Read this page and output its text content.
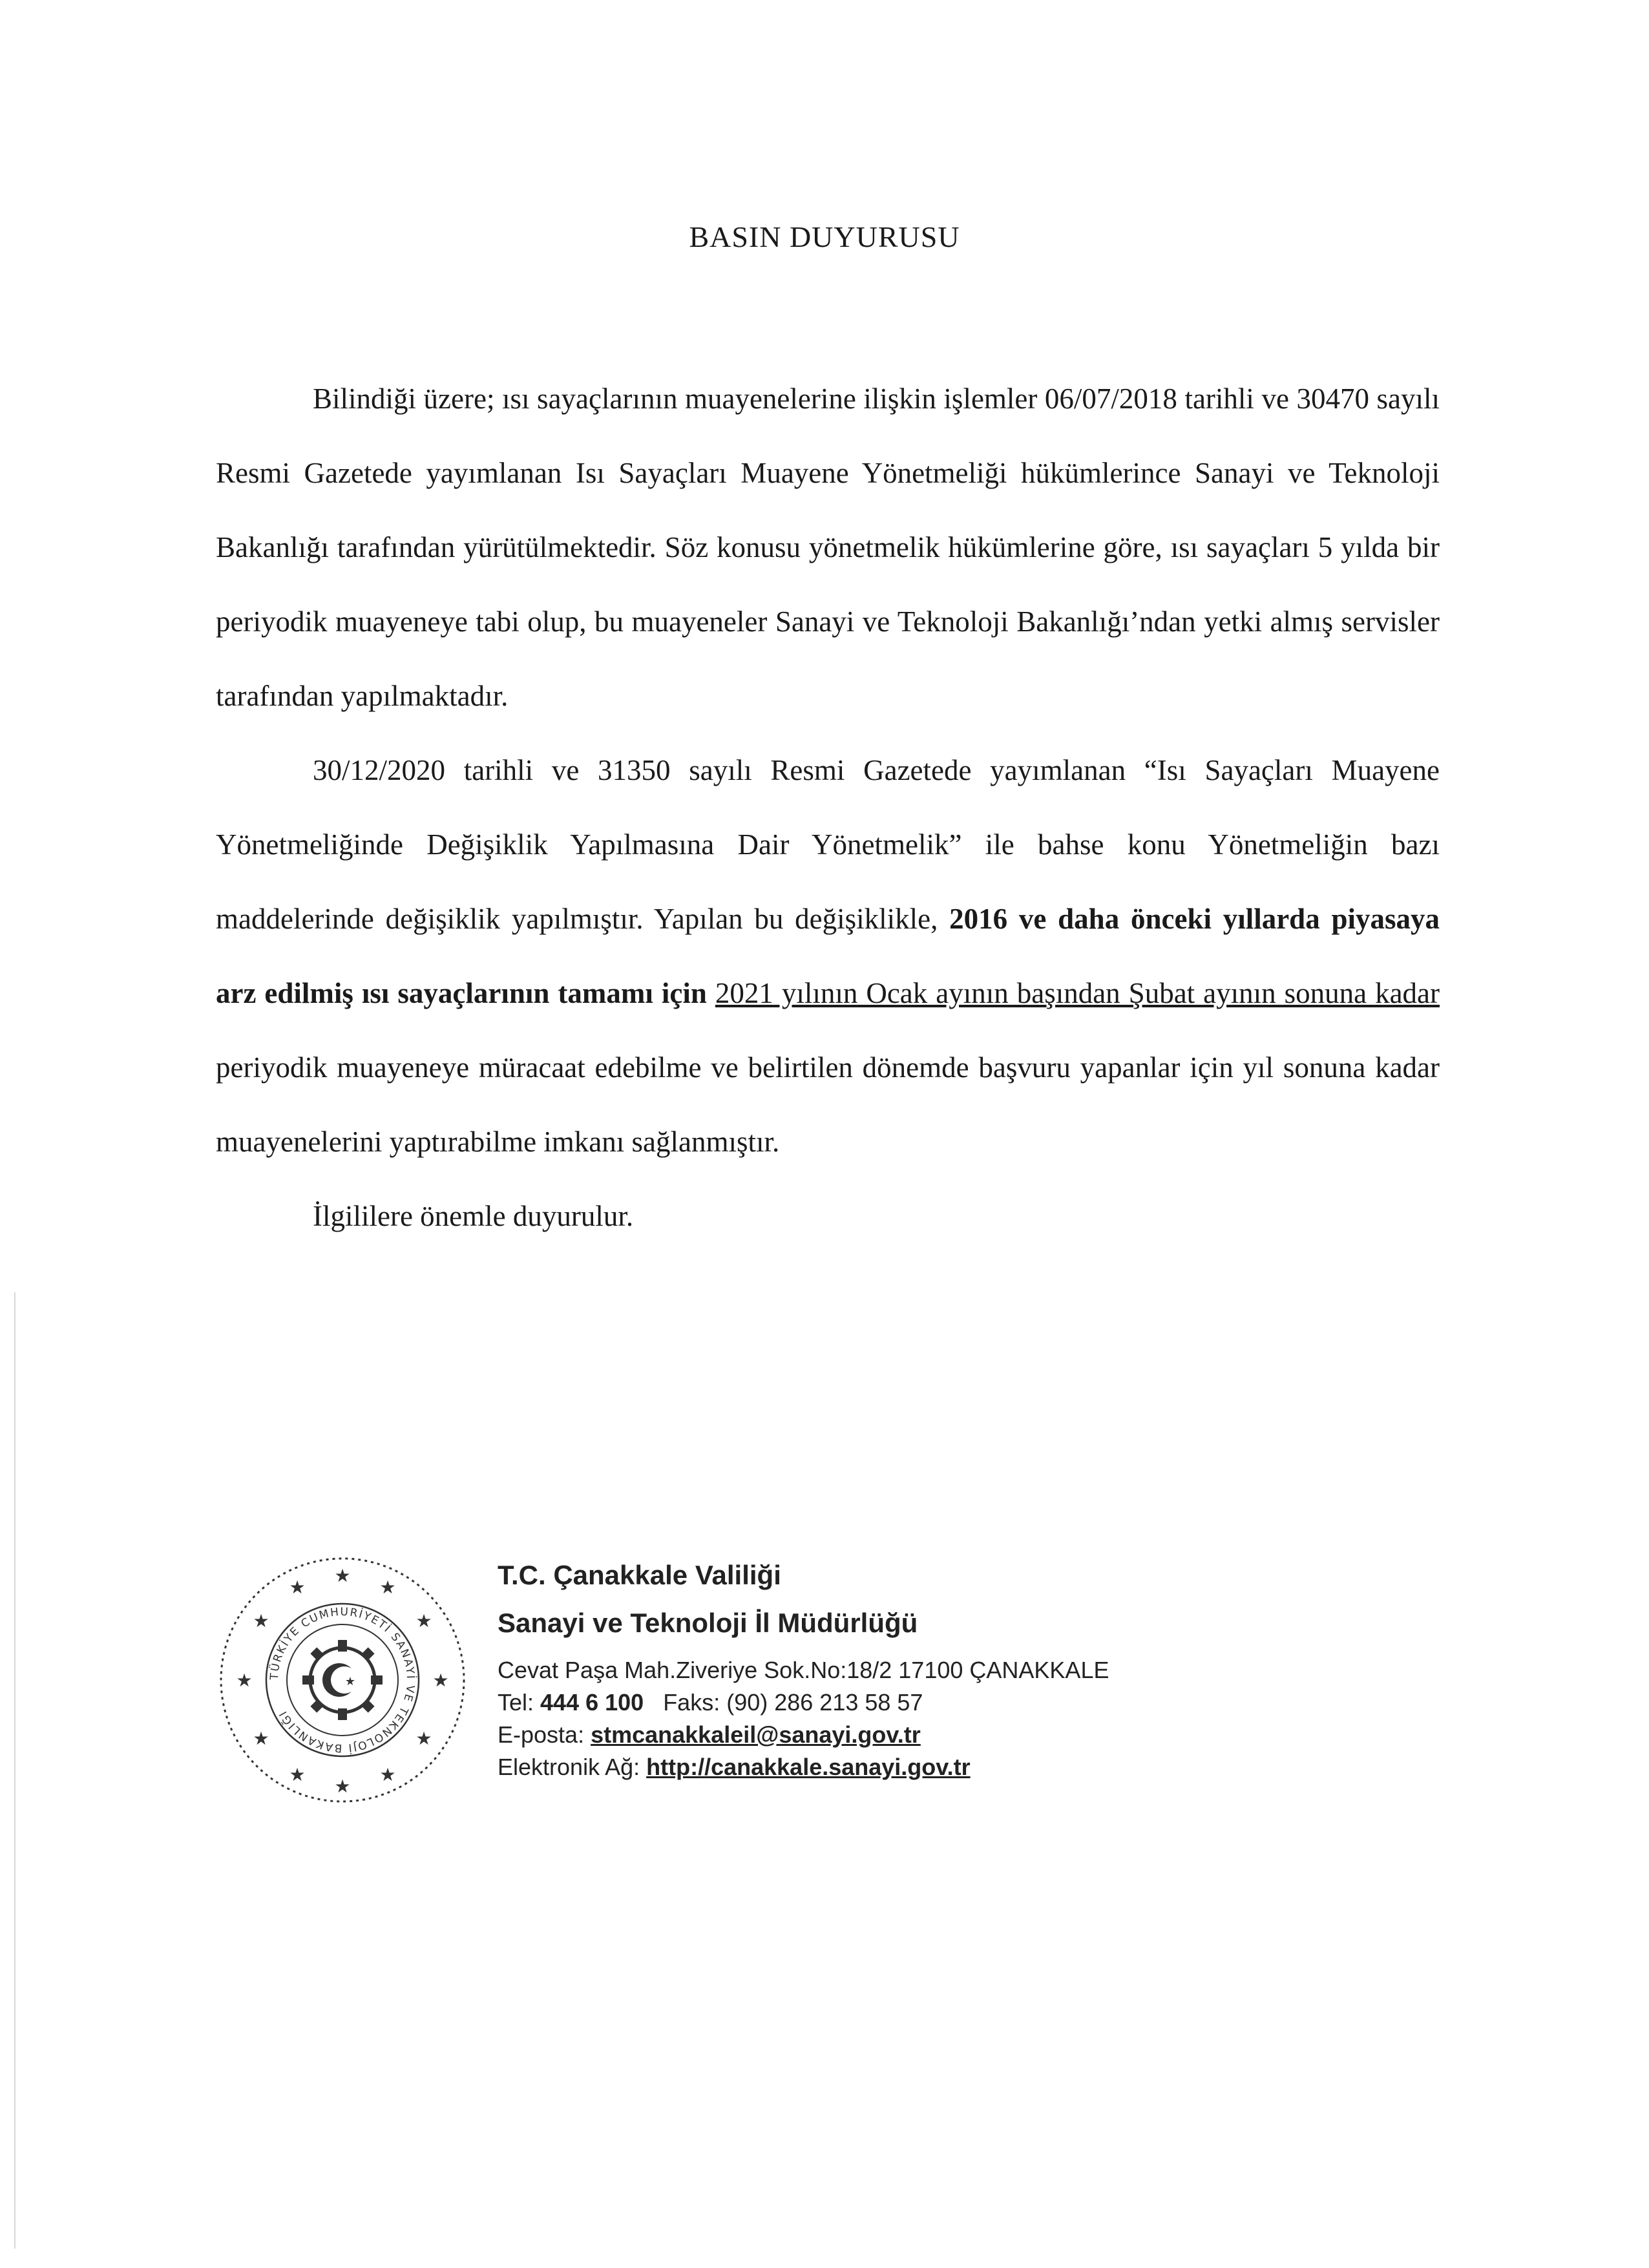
BASIN DUYURUSU

Bilindiği üzere; ısı sayaçlarının muayenelerine ilişkin işlemler 06/07/2018 tarihli ve 30470 sayılı Resmi Gazetede yayımlanan Isı Sayaçları Muayene Yönetmeliği hükümlerince Sanayi ve Teknoloji Bakanlığı tarafından yürütülmektedir. Söz konusu yönetmelik hükümlerine göre, ısı sayaçları 5 yılda bir periyodik muayeneye tabi olup, bu muayeneler Sanayi ve Teknoloji Bakanlığı’ndan yetki almış servisler tarafından yapılmaktadır.

30/12/2020 tarihli ve 31350 sayılı Resmi Gazetede yayımlanan “Isı Sayaçları Muayene Yönetmeliğinde Değişiklik Yapılmasına Dair Yönetmelik” ile bahse konu Yönetmeliğin bazı maddelerinde değişiklik yapılmıştır. Yapılan bu değişiklikle, 2016 ve daha önceki yıllarda piyasaya arz edilmiş ısı sayaçlarının tamamı için 2021 yılının Ocak ayının başından Şubat ayının sonuna kadar periyodik muayeneye müracaat edebilme ve belirtilen dönemde başvuru yapanlar için yıl sonuna kadar muayenelerini yaptırabilme imkanı sağlanmıştır.

İlgililere önemle duyurulur.

★
★	★
★	★
★	★
★	★
★	★
★
TÜRKİYE CUMHURİYETİ SANAYİ VE TEKNOLOJİ BAKANLIĞI
★
T.C. Çanakkale Valiliği
Sanayi ve Teknoloji İl Müdürlüğü
Cevat Paşa Mah.Ziveriye Sok.No:18/2 17100 ÇANAKKALE
Tel: 444 6 100   Faks: (90) 286 213 58 57
E-posta: stmcanakkaleil@sanayi.gov.tr
Elektronik Ağ: http://canakkale.sanayi.gov.tr
